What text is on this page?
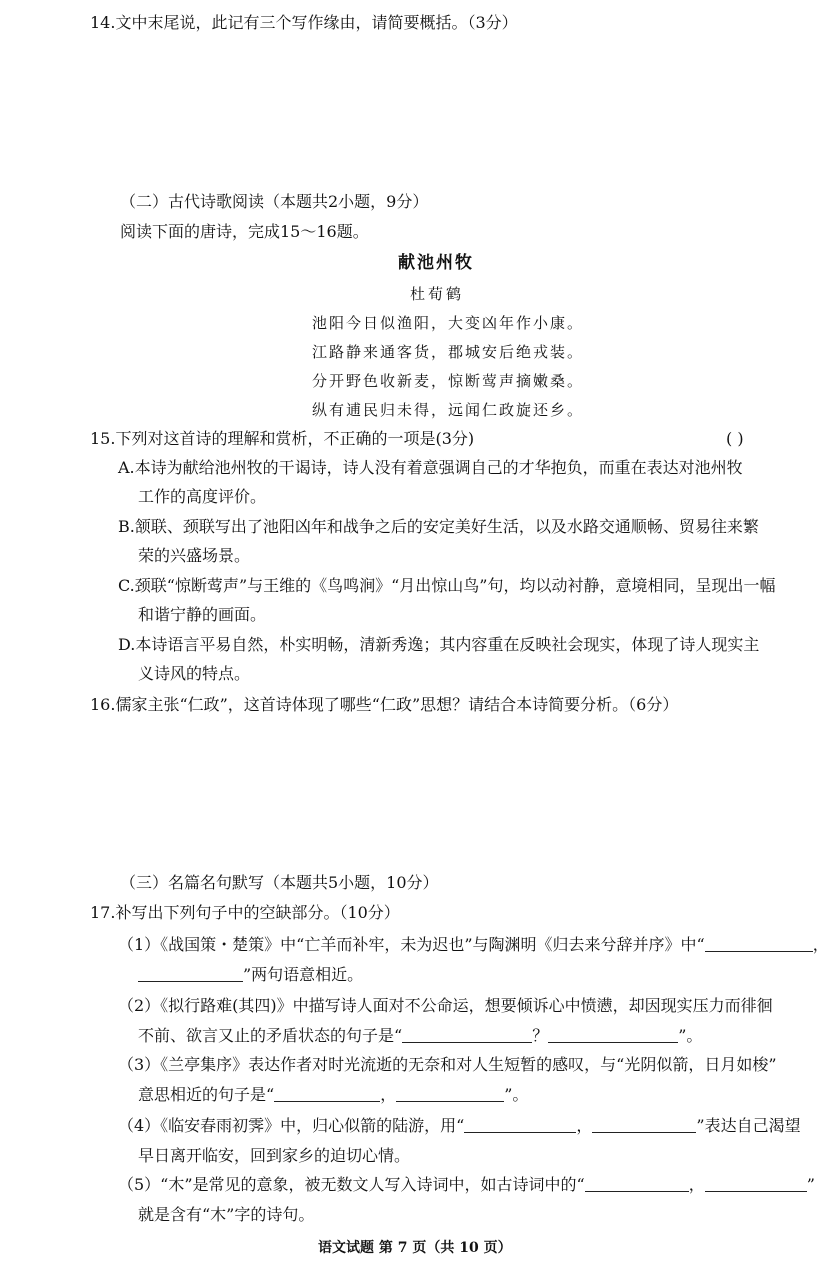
14.文中末尾说，此记有三个写作缘由，请简要概括。（3分）
（二）古代诗歌阅读（本题共2小题，9分）
阅读下面的唐诗，完成15～16题。
献池州牧
杜荀鹤
池阳今日似渔阳，大变凶年作小康。
江路静来通客货，郡城安后绝戎装。
分开野色收新麦，惊断莺声摘嫩桑。
纵有逋民归未得，远闻仁政旋还乡。
15.下列对这首诗的理解和赏析，不正确的一项是(3分)	( )
A.本诗为献给池州牧的干谒诗，诗人没有着意强调自己的才华抱负，而重在表达对池州牧
工作的高度评价。
B.颔联、颈联写出了池阳凶年和战争之后的安定美好生活，以及水路交通顺畅、贸易往来繁
荣的兴盛场景。
C.颈联“惊断莺声”与王维的《鸟鸣涧》“月出惊山鸟”句，均以动衬静，意境相同，呈现出一幅
和谐宁静的画面。
D.本诗语言平易自然，朴实明畅，清新秀逸；其内容重在反映社会现实，体现了诗人现实主
义诗风的特点。
16.儒家主张“仁政”，这首诗体现了哪些“仁政”思想？请结合本诗简要分析。（6分）
（三）名篇名句默写（本题共5小题，10分）
17.补写出下列句子中的空缺部分。（10分）
（1）《战国策・楚策》中“亡羊而补牢，未为迟也”与陶渊明《归去来兮辞并序》中“	，
”两句语意相近。
（2）《拟行路难(其四)》中描写诗人面对不公命运，想要倾诉心中愤懑，却因现实压力而徘徊
不前、欲言又止的矛盾状态的句子是“	？	”。
（3）《兰亭集序》表达作者对时光流逝的无奈和对人生短暂的感叹，与“光阴似箭，日月如梭”
意思相近的句子是“	，	”。
（4）《临安春雨初霁》中，归心似箭的陆游，用“	，	”表达自己渴望
早日离开临安，回到家乡的迫切心情。
（5）“木”是常见的意象，被无数文人写入诗词中，如古诗词中的“	，	”
就是含有“木”字的诗句。
语文试题 第 7 页（共 10 页）
